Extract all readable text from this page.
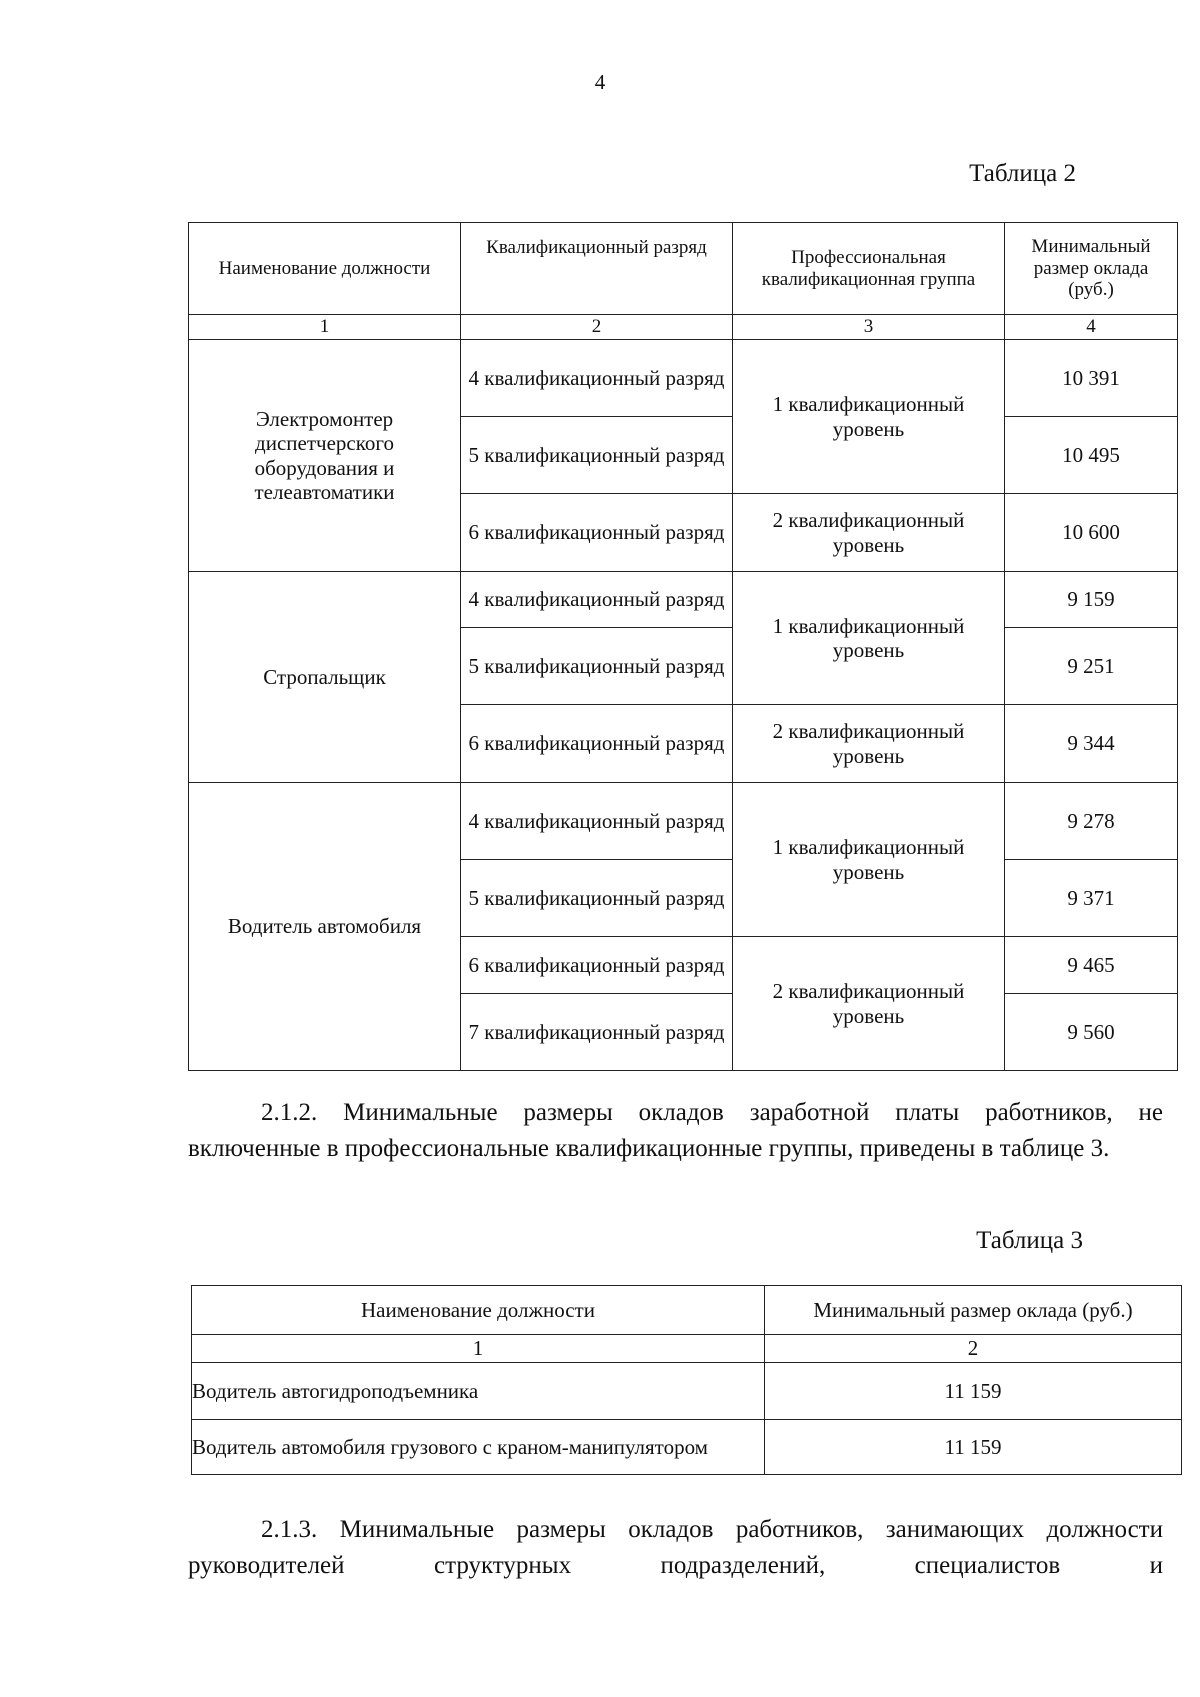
4
Таблица 2
Наименование должности	Квалификационный разряд	Профессиональная квалификационная группа	Минимальный размер оклада (руб.)
1	2	3	4
Электромонтер диспетчерского оборудования и телеавтоматики	4 квалификационный разряд	1 квалификационный уровень	10 391
	5 квалификационный разряд		10 495
	6 квалификационный разряд	2 квалификационный уровень	10 600
Стропальщик	4 квалификационный разряд	1 квалификационный уровень	9 159
	5 квалификационный разряд		9 251
	6 квалификационный разряд	2 квалификационный уровень	9 344
Водитель автомобиля	4 квалификационный разряд	1 квалификационный уровень	9 278
	5 квалификационный разряд		9 371
	6 квалификационный разряд	2 квалификационный уровень	9 465
	7 квалификационный разряд		9 560

2.1.2. Минимальные размеры окладов заработной платы работников, не включенные в профессиональные квалификационные группы, приведены в таблице 3.

Таблица 3
Наименование должности	Минимальный размер оклада (руб.)
1	2
Водитель автогидроподъемника	11 159
Водитель автомобиля грузового с краном-манипулятором	11 159

2.1.3. Минимальные размеры окладов работников, занимающих должности руководителей структурных подразделений, специалистов и
